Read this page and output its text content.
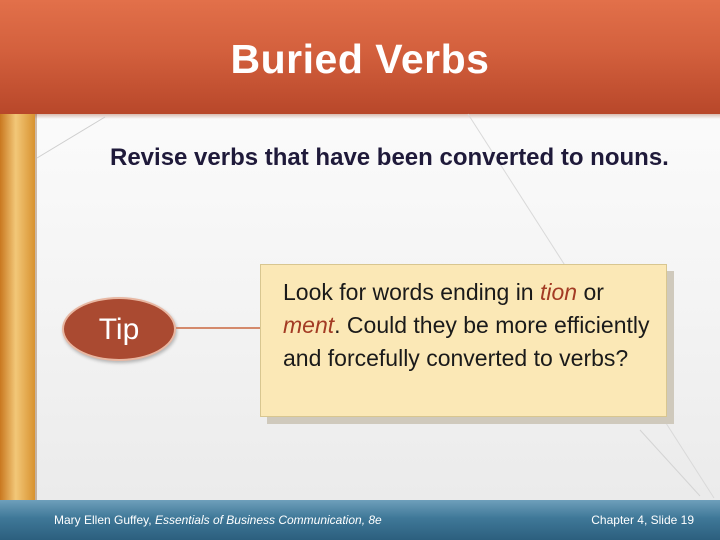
Buried Verbs
Revise verbs that have been converted to nouns.
Tip
Look for words ending in tion or ment. Could they be more efficiently and forcefully converted to verbs?
Mary Ellen Guffey, Essentials of Business Communication, 8e	Chapter 4, Slide 19
